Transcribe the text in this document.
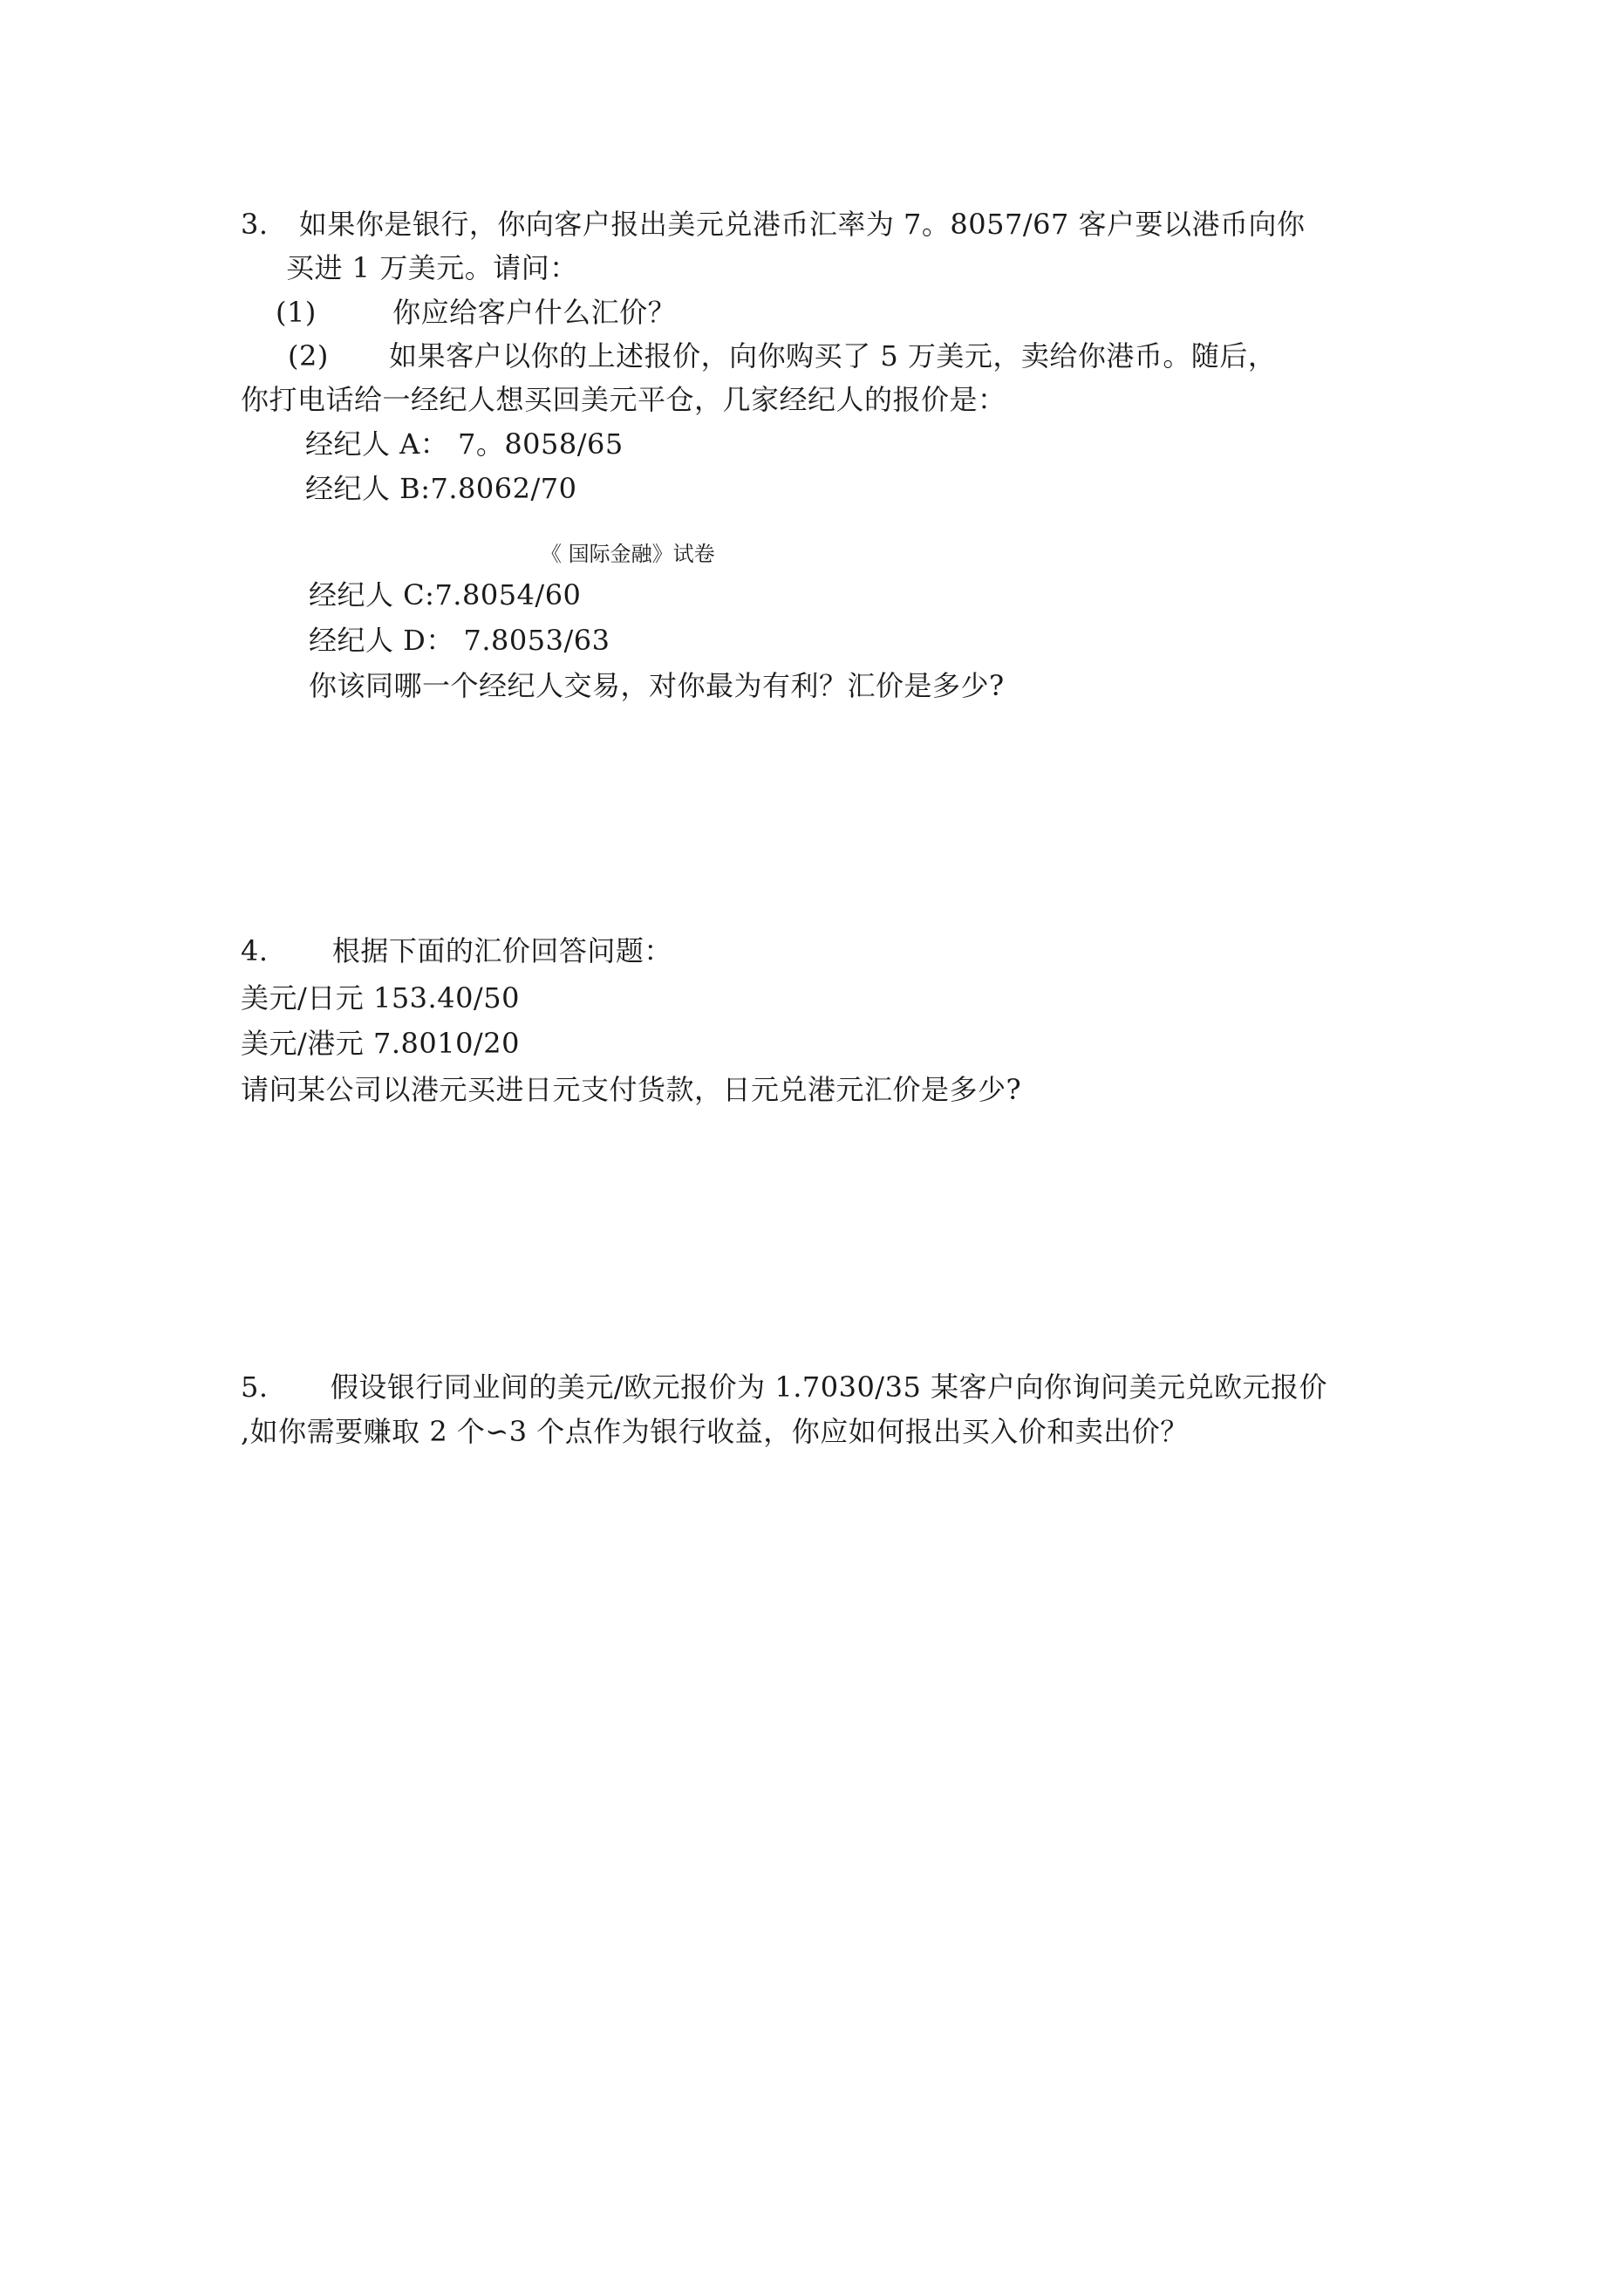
3. 如果你是银行，你向客户报出美元兑港币汇率为 7。8057/67 客户要以港币向你
买进 1 万美元。请问：
(1)	你应给客户什么汇价？
(2) 如果客户以你的上述报价，向你购买了 5 万美元，卖给你港币。随后，
你打电话给一经纪人想买回美元平仓，几家经纪人的报价是：
经纪人 A： 7。8058/65
经纪人 B:7.8062/70
《 国际金融》试卷
经纪人 C:7.8054/60
经纪人 D： 7.8053/63
你该同哪一个经纪人交易，对你最为有利？汇价是多少?
4. 根据下面的汇价回答问题：
美元/日元 153.40/50
美元/港元 7.8010/20
请问某公司以港元买进日元支付货款，日元兑港元汇价是多少?
5. 假设银行同业间的美元/欧元报价为 1.7030/35 某客户向你询问美元兑欧元报价
,如你需要赚取 2 个∽3 个点作为银行收益，你应如何报出买入价和卖出价？
